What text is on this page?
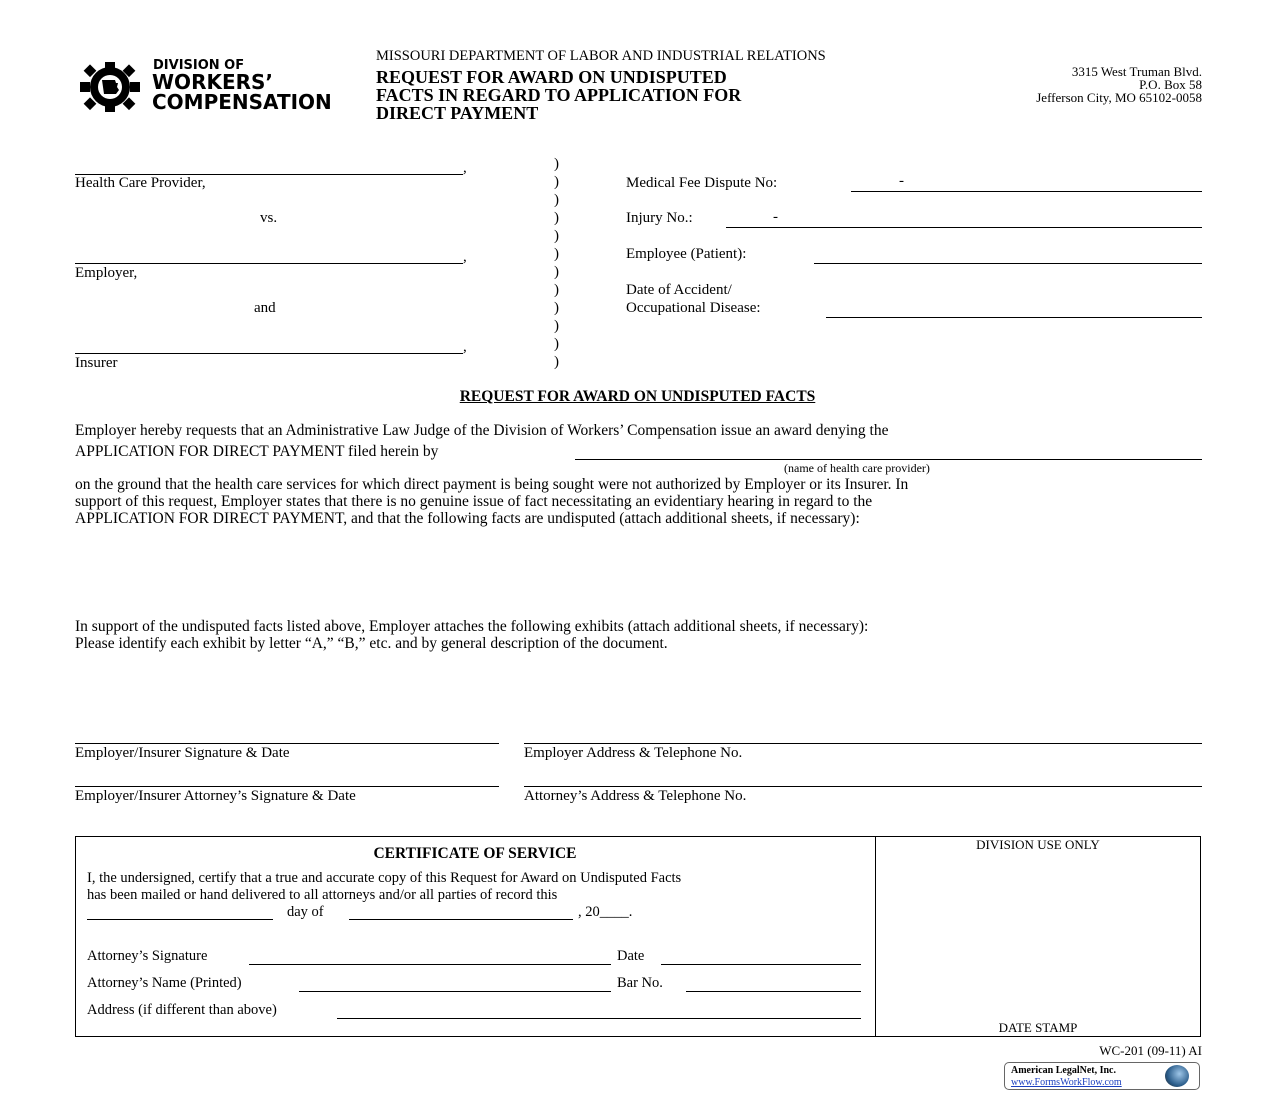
DIVISION OF
WORKERS’
COMPENSATION
MISSOURI DEPARTMENT OF LABOR AND INDUSTRIAL RELATIONS
REQUEST FOR AWARD ON UNDISPUTED
FACTS IN REGARD TO APPLICATION FOR
DIRECT PAYMENT
3315 West Truman Blvd.
P.O. Box 58
Jefferson City, MO 65102-0058
,
Health Care Provider,
vs.
,
Employer,
and
,
Insurer
)
)
)
)
)
)
)
)
)
)
)
)
Medical Fee Dispute No:	-
Injury No.:	-
Employee (Patient):
Date of Accident/
Occupational Disease:
REQUEST FOR AWARD ON UNDISPUTED FACTS
Employer hereby requests that an Administrative Law Judge of the Division of Workers’ Compensation issue an award denying the
APPLICATION FOR DIRECT PAYMENT filed herein by
(name of health care provider)
on the ground that the health care services for which direct payment is being sought were not authorized by Employer or its Insurer. In
support of this request, Employer states that there is no genuine issue of fact necessitating an evidentiary hearing in regard to the
APPLICATION FOR DIRECT PAYMENT, and that the following facts are undisputed (attach additional sheets, if necessary):
In support of the undisputed facts listed above, Employer attaches the following exhibits (attach additional sheets, if necessary):
Please identify each exhibit by letter “A,” “B,” etc. and by general description of the document.
Employer/Insurer Signature & Date	Employer Address & Telephone No.
Employer/Insurer Attorney’s Signature & Date	Attorney’s Address & Telephone No.
CERTIFICATE OF SERVICE
I, the undersigned, certify that a true and accurate copy of this Request for Award on Undisputed Facts
has been mailed or hand delivered to all attorneys and/or all parties of record this
day of	, 20____.
Attorney’s Signature	Date
Attorney’s Name (Printed)	Bar No.
Address (if different than above)
DIVISION USE ONLY
DATE STAMP
WC-201 (09-11) AI
American LegalNet, Inc.
www.FormsWorkFlow.com
